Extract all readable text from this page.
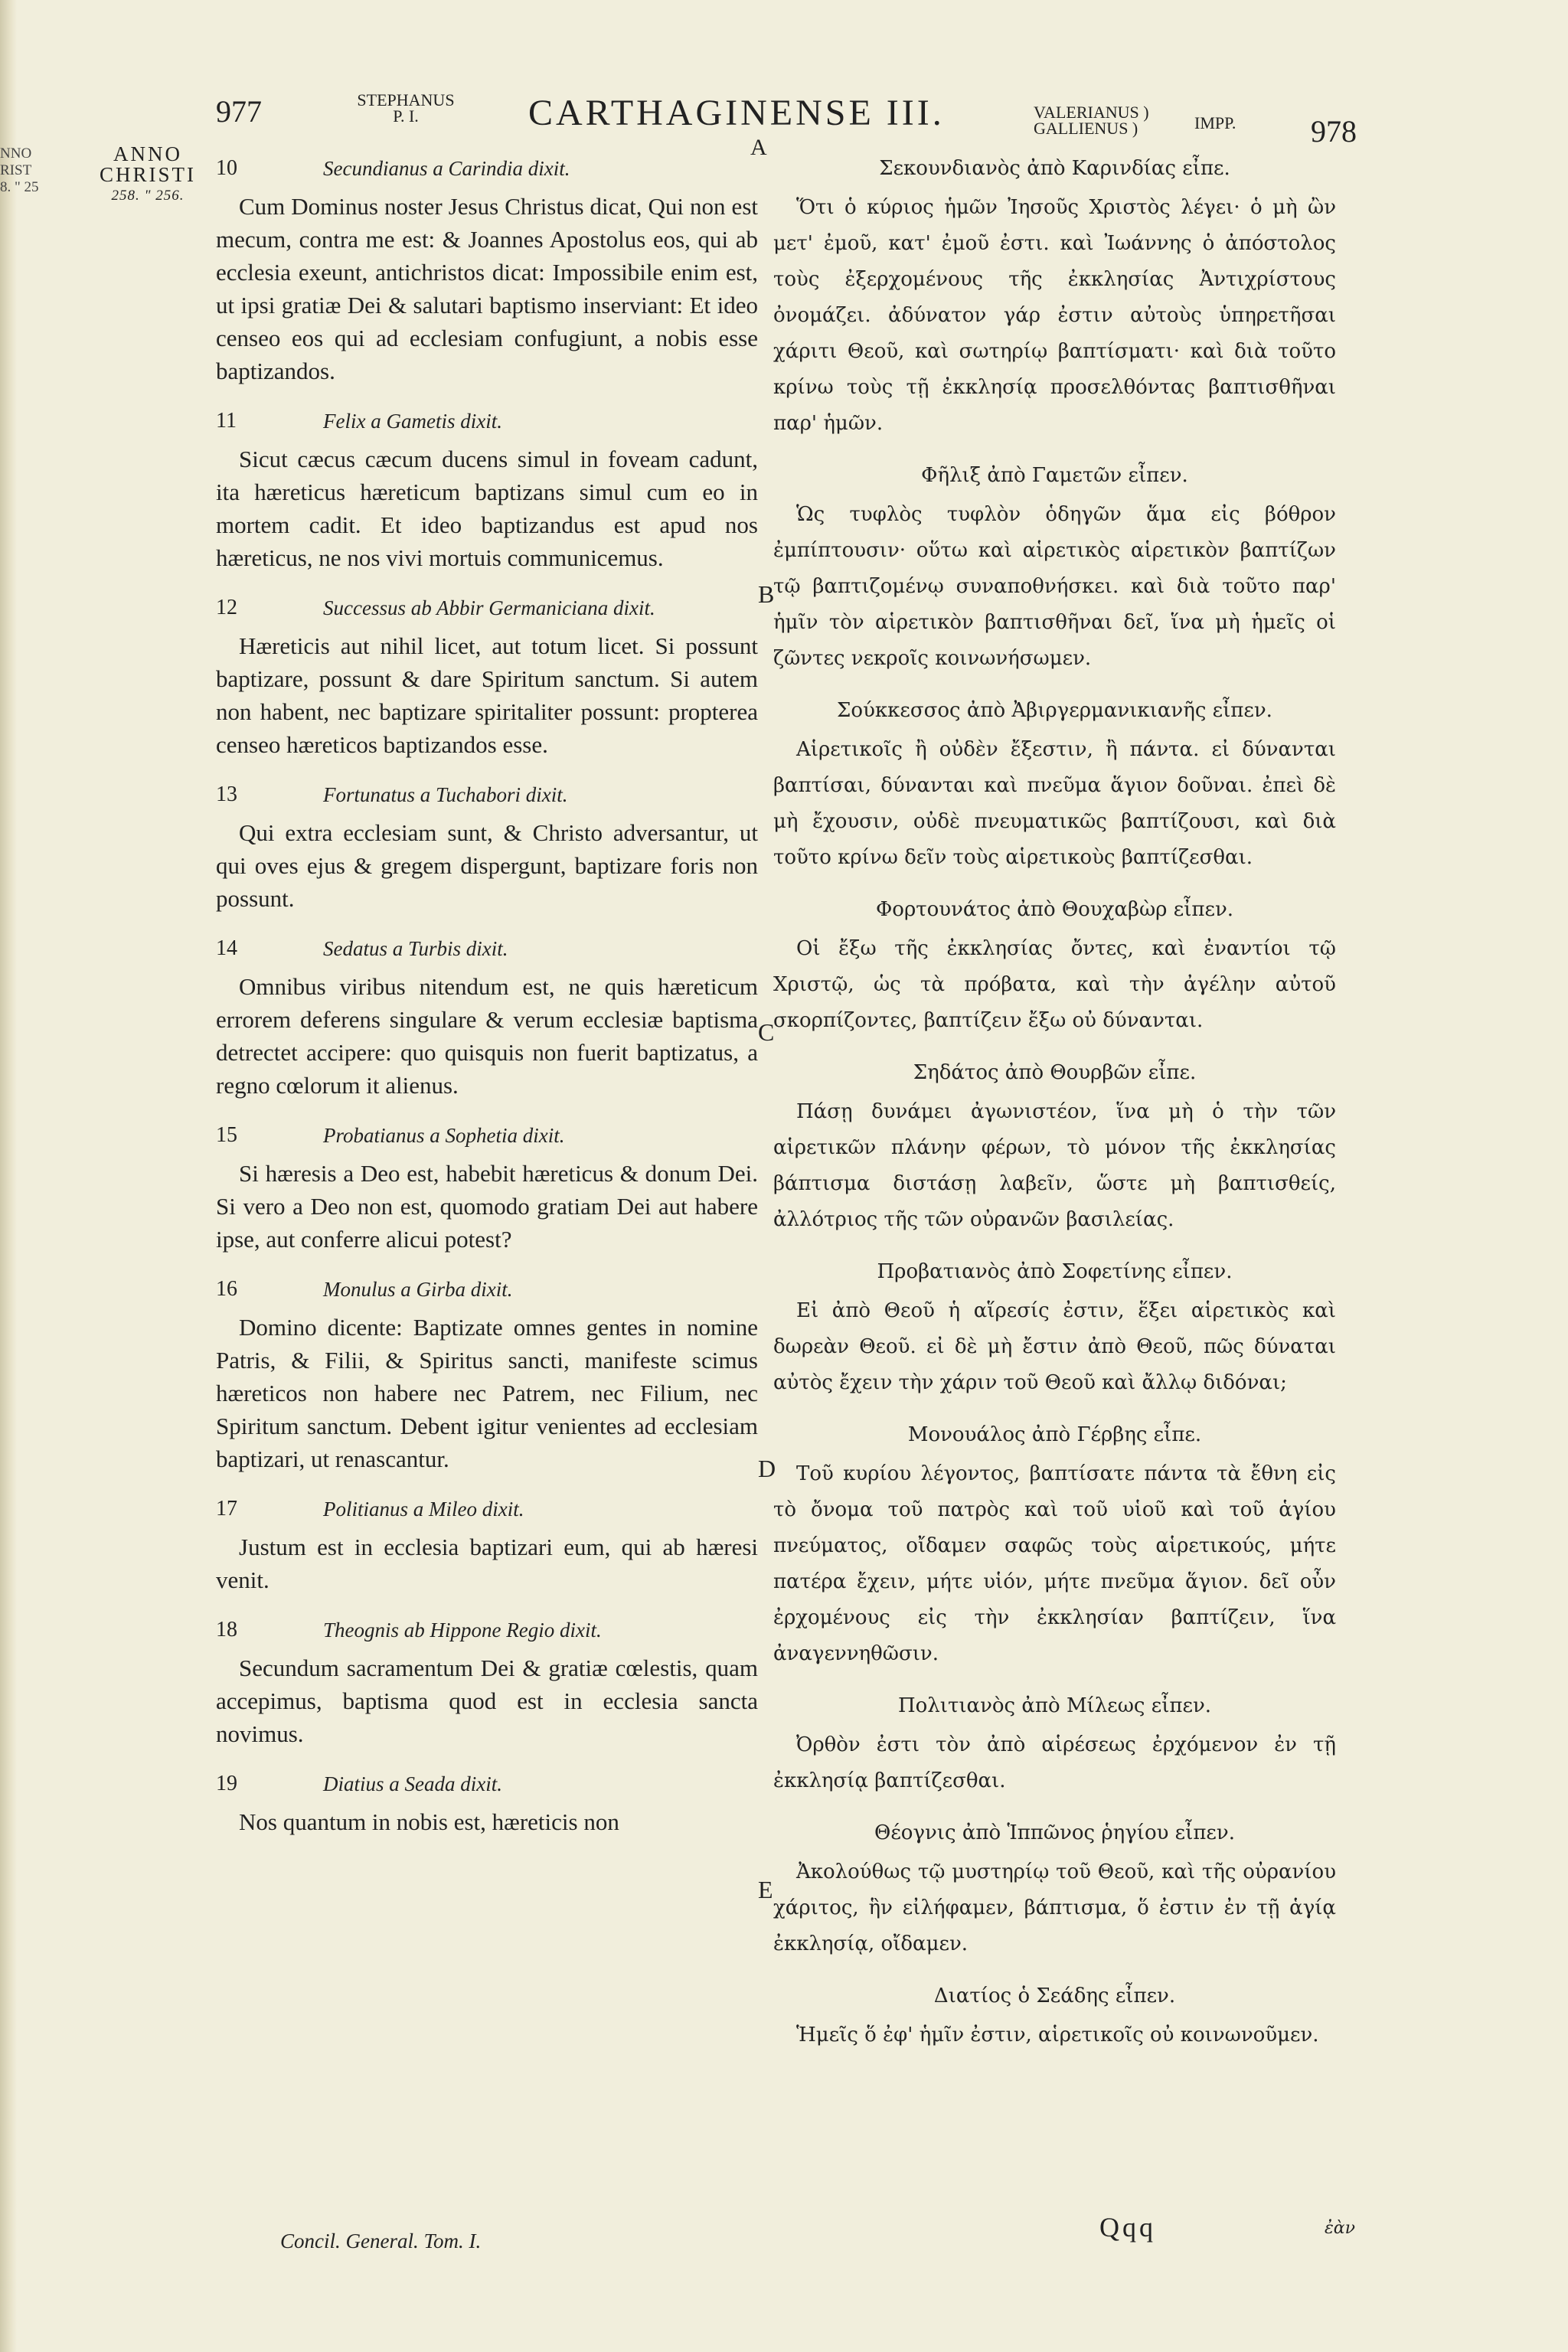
NNO
RIST
8. " 25
ANNO
CHRISTI
258. " 256.
977	STEPHANUS
P. I.	CARTHAGINENSE III.
A
VALERIANUS )
GALLIENUS )	IMPP. 978
10	Secundianus a Carindia dixit.

Cum Dominus noster Jesus Christus dicat, Qui non est mecum, contra me est: & Joannes Apostolus eos, qui ab ecclesia exeunt, antichristos dicat: Impossibile enim est, ut ipsi gratiæ Dei & salutari baptismo inserviant: Et ideo censeo eos qui ad ecclesiam confugiunt, a nobis esse baptizandos.

11	Felix a Gametis dixit.

Sicut cæcus cæcum ducens simul in foveam cadunt, ita hæreticus hæreticum baptizans simul cum eo in mortem cadit. Et ideo baptizandus est apud nos hæreticus, ne nos vivi mortuis communicemus.

12	Successus ab Abbir Germaniciana dixit.

Hæreticis aut nihil licet, aut totum licet. Si possunt baptizare, possunt & dare Spiritum sanctum. Si autem non habent, nec baptizare spiritaliter possunt: propterea censeo hæreticos baptizandos esse.

13	Fortunatus a Tuchabori dixit.

Qui extra ecclesiam sunt, & Christo adversantur, ut qui oves ejus & gregem dispergunt, baptizare foris non possunt.

14	Sedatus a Turbis dixit.

Omnibus viribus nitendum est, ne quis hæreticum errorem deferens singulare & verum ecclesiæ baptisma detrectet accipere: quo quisquis non fuerit baptizatus, a regno cœlorum it alienus.

15	Probatianus a Sophetia dixit.

Si hæresis a Deo est, habebit hæreticus & donum Dei. Si vero a Deo non est, quomodo gratiam Dei aut habere ipse, aut conferre alicui potest?

16	Monulus a Girba dixit.

Domino dicente: Baptizate omnes gentes in nomine Patris, & Filii, & Spiritus sancti, manifeste scimus hæreticos non habere nec Patrem, nec Filium, nec Spiritum sanctum. Debent igitur venientes ad ecclesiam baptizari, ut renascantur.

17	Politianus a Mileo dixit.

Justum est in ecclesia baptizari eum, qui ab hæresi venit.

18	Theognis ab Hippone Regio dixit.

Secundum sacramentum Dei & gratiæ cœlestis, quam accepimus, baptisma quod est in ecclesia sancta novimus.

19	Diatius a Seada dixit.

Nos quantum in nobis est, hæreticis non

Σεκουνδιανὸς ἀπὸ Καρινδίας εἶπε.

Ὅτι ὁ κύριος ἡμῶν Ἰησοῦς Χριστὸς λέγει· ὁ μὴ ὢν μετ' ἐμοῦ, κατ' ἐμοῦ ἐστι. καὶ Ἰωάννης ὁ ἀπόστολος τοὺς ἐξερχομένους τῆς ἐκκλησίας Ἀντιχρίστους ὀνομάζει. ἀδύνατον γάρ ἐστιν αὐτοὺς ὑπηρετῆσαι χάριτι Θεοῦ, καὶ σωτηρίῳ βαπτίσματι· καὶ διὰ τοῦτο κρίνω τοὺς τῇ ἐκκλησίᾳ προσελθόντας βαπτισθῆναι παρ' ἡμῶν.

Φῆλιξ ἀπὸ Γαμετῶν εἶπεν.

Ὡς τυφλὸς τυφλὸν ὁδηγῶν ἅμα εἰς βόθρον ἐμπίπτουσιν· οὕτω καὶ αἱρετικὸς αἱρετικὸν βαπτίζων τῷ βαπτιζομένῳ συναποθνήσκει. καὶ διὰ τοῦτο παρ' ἡμῖν τὸν αἱρετικὸν βαπτισθῆναι δεῖ, ἵνα μὴ ἡμεῖς οἱ ζῶντες νεκροῖς κοινωνήσωμεν.

Σούκκεσσος ἀπὸ Ἀβιργερμανικιανῆς εἶπεν.

Αἱρετικοῖς ἢ οὐδὲν ἔξεστιν, ἢ πάντα. εἰ δύνανται βαπτίσαι, δύνανται καὶ πνεῦμα ἅγιον δοῦναι. ἐπεὶ δὲ μὴ ἔχουσιν, οὐδὲ πνευματικῶς βαπτίζουσι, καὶ διὰ τοῦτο κρίνω δεῖν τοὺς αἱρετικοὺς βαπτίζεσθαι.

Φορτουνάτος ἀπὸ Θουχαβὼρ εἶπεν.

Οἱ ἔξω τῆς ἐκκλησίας ὄντες, καὶ ἐναντίοι τῷ Χριστῷ, ὡς τὰ πρόβατα, καὶ τὴν ἀγέλην αὐτοῦ σκορπίζοντες, βαπτίζειν ἔξω οὐ δύνανται.

Σηδάτος ἀπὸ Θουρβῶν εἶπε.

Πάσῃ δυνάμει ἀγωνιστέον, ἵνα μὴ ὁ τὴν τῶν αἱρετικῶν πλάνην φέρων, τὸ μόνον τῆς ἐκκλησίας βάπτισμα διστάσῃ λαβεῖν, ὥστε μὴ βαπτισθείς, ἀλλότριος τῆς τῶν οὐρανῶν βασιλείας.

Προβατιανὸς ἀπὸ Σοφετίνης εἶπεν.

Εἰ ἀπὸ Θεοῦ ἡ αἵρεσίς ἐστιν, ἕξει αἱρετικὸς καὶ δωρεὰν Θεοῦ. εἰ δὲ μὴ ἔστιν ἀπὸ Θεοῦ, πῶς δύναται αὐτὸς ἔχειν τὴν χάριν τοῦ Θεοῦ καὶ ἄλλῳ διδόναι;

Μονουάλος ἀπὸ Γέρβης εἶπε.

Τοῦ κυρίου λέγοντος, βαπτίσατε πάντα τὰ ἔθνη εἰς τὸ ὄνομα τοῦ πατρὸς καὶ τοῦ υἱοῦ καὶ τοῦ ἁγίου πνεύματος, οἴδαμεν σαφῶς τοὺς αἱρετικούς, μήτε πατέρα ἔχειν, μήτε υἱόν, μήτε πνεῦμα ἅγιον. δεῖ οὖν ἐρχομένους εἰς τὴν ἐκκλησίαν βαπτίζειν, ἵνα ἀναγεννηθῶσιν.

Πολιτιανὸς ἀπὸ Μίλεως εἶπεν.

Ὀρθὸν ἐστι τὸν ἀπὸ αἱρέσεως ἐρχόμενον ἐν τῇ ἐκκλησίᾳ βαπτίζεσθαι.

Θέογνις ἀπὸ Ἱππῶνος ῥηγίου εἶπεν.

Ἀκολούθως τῷ μυστηρίῳ τοῦ Θεοῦ, καὶ τῆς οὐρανίου χάριτος, ἣν εἰλήφαμεν, βάπτισμα, ὅ ἐστιν ἐν τῇ ἁγίᾳ ἐκκλησίᾳ, οἴδαμεν.

Διατίος ὁ Σεάδης εἶπεν.

Ἡμεῖς ὅ ἐφ' ἡμῖν ἐστιν, αἱρετικοῖς οὐ κοινωνοῦμεν.

B
C
D
E
Concil. General. Tom. I.	Qqq	ἐὰν
